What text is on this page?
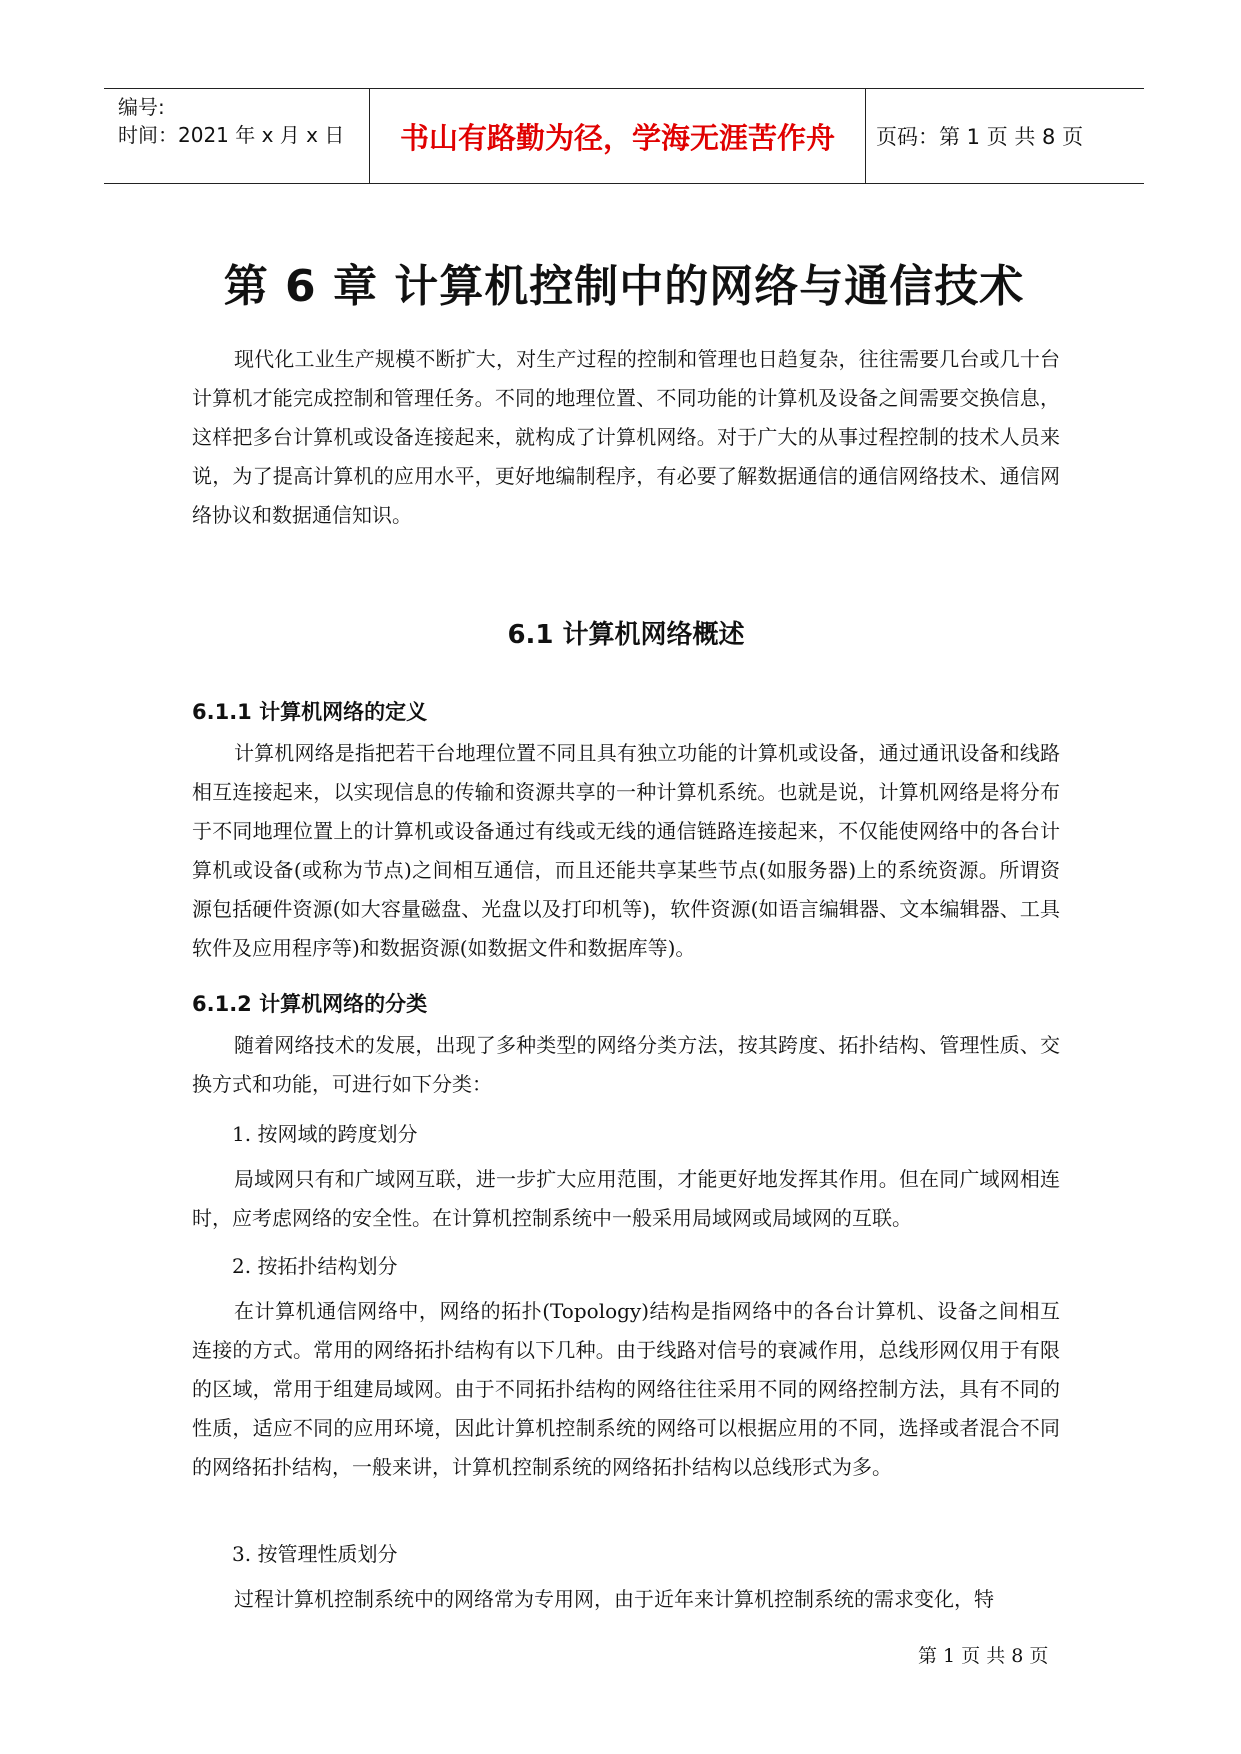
编号:
时间：2021 年 x 月 x 日	书山有路勤为径，学海无涯苦作舟	页码：第 1 页 共 8 页
第 6 章 计算机控制中的网络与通信技术

现代化工业生产规模不断扩大，对生产过程的控制和管理也日趋复杂，往往需要几台或几十台计算机才能完成控制和管理任务。不同的地理位置、不同功能的计算机及设备之间需要交换信息，这样把多台计算机或设备连接起来，就构成了计算机网络。对于广大的从事过程控制的技术人员来说，为了提高计算机的应用水平，更好地编制程序，有必要了解数据通信的通信网络技术、通信网络协议和数据通信知识。

6.1 计算机网络概述
6.1.1 计算机网络的定义

计算机网络是指把若干台地理位置不同且具有独立功能的计算机或设备，通过通讯设备和线路相互连接起来，以实现信息的传输和资源共享的一种计算机系统。也就是说，计算机网络是将分布于不同地理位置上的计算机或设备通过有线或无线的通信链路连接起来，不仅能使网络中的各台计算机或设备(或称为节点)之间相互通信，而且还能共享某些节点(如服务器)上的系统资源。所谓资源包括硬件资源(如大容量磁盘、光盘以及打印机等)，软件资源(如语言编辑器、文本编辑器、工具软件及应用程序等)和数据资源(如数据文件和数据库等)。

6.1.2 计算机网络的分类

随着网络技术的发展，出现了多种类型的网络分类方法，按其跨度、拓扑结构、管理性质、交换方式和功能，可进行如下分类：

1. 按网域的跨度划分

局域网只有和广域网互联，进一步扩大应用范围，才能更好地发挥其作用。但在同广域网相连时，应考虑网络的安全性。在计算机控制系统中一般采用局域网或局域网的互联。

2. 按拓扑结构划分

在计算机通信网络中，网络的拓扑(Topology)结构是指网络中的各台计算机、设备之间相互连接的方式。常用的网络拓扑结构有以下几种。由于线路对信号的衰减作用，总线形网仅用于有限的区域，常用于组建局域网。由于不同拓扑结构的网络往往采用不同的网络控制方法，具有不同的性质，适应不同的应用环境，因此计算机控制系统的网络可以根据应用的不同，选择或者混合不同的网络拓扑结构，一般来讲，计算机控制系统的网络拓扑结构以总线形式为多。

3. 按管理性质划分

过程计算机控制系统中的网络常为专用网，由于近年来计算机控制系统的需求变化，特

第 1 页 共 8 页
